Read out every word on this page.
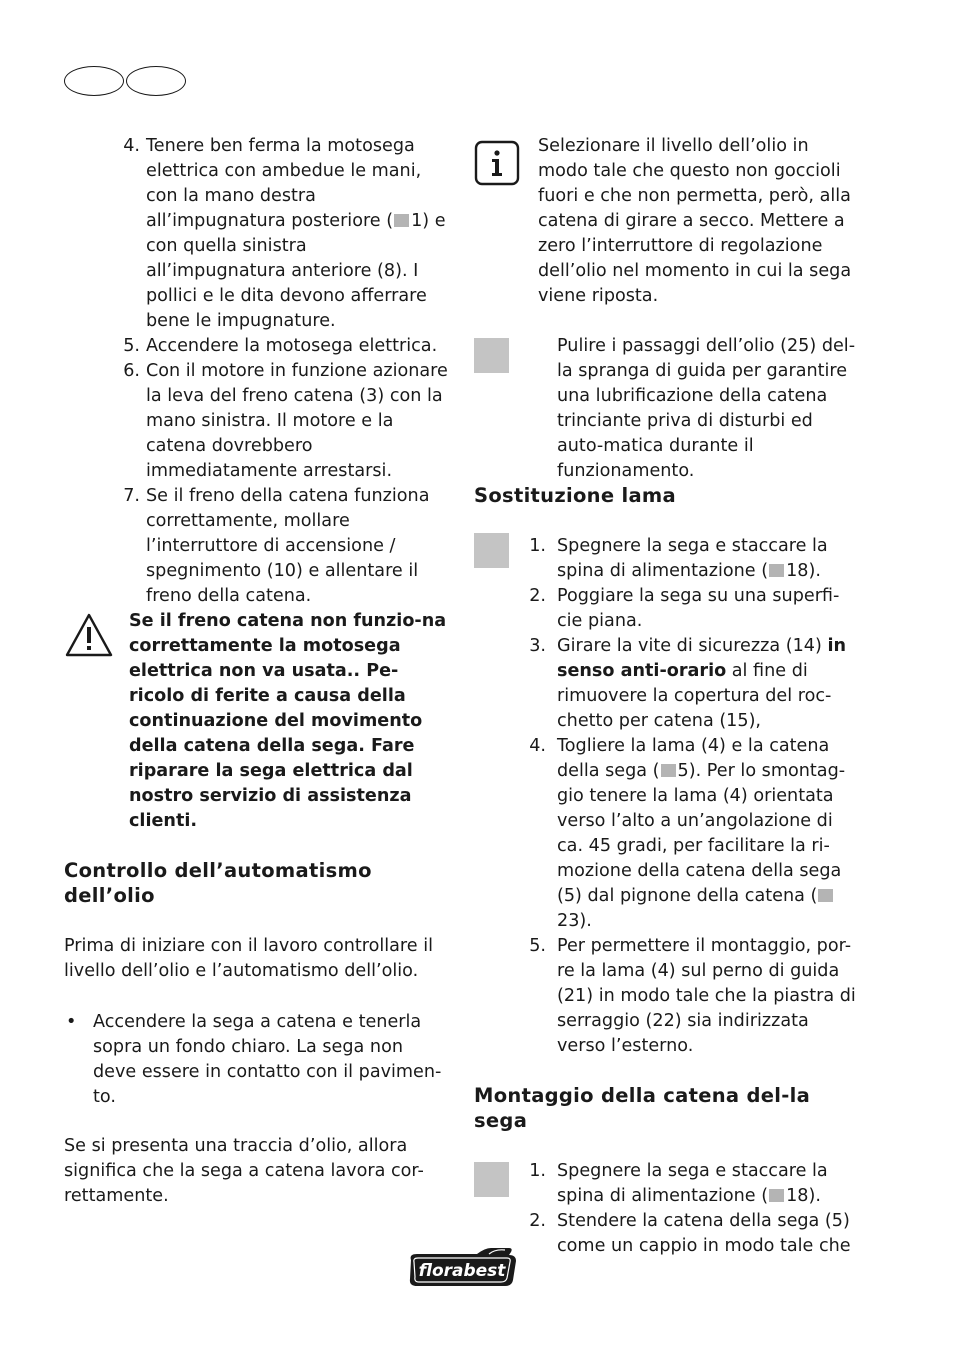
4. Tenere ben ferma la motosega elettrica con ambedue le mani, con la mano destra all’impugnatura posteriore ( 1) e con quella sinistra all’impugnatura anteriore (8). I pollici e le dita devono afferrare bene le impugnature.
5. Accendere la motosega elettrica.
6. Con il motore in funzione azionare la leva del freno catena (3) con la mano sinistra. Il motore e la catena dovrebbero immediatamente arrestarsi.
7. Se il freno della catena funziona correttamente, mollare l’interruttore di accensione / spegnimento (10) e allentare il freno della catena.
Se il freno catena non funzio-na correttamente la motosega elettrica non va usata.. Pe-ricolo di ferite a causa della continuazione del movimento della catena della sega. Fare riparare la sega elettrica dal nostro servizio di assistenza clienti.
Controllo dell’automatismo dell’olio
Prima di iniziare con il lavoro controllare il livello dell’olio e l’automatismo dell’olio.
• Accendere la sega a catena e tenerla sopra un fondo chiaro. La sega non deve essere in contatto con il pavimen-to.
Se si presenta una traccia d’olio, allora significa che la sega a catena lavora cor-rettamente.
Selezionare il livello dell’olio in modo tale che questo non goccioli fuori e che non permetta, però, alla catena di girare a secco. Mettere a zero l’interruttore di regolazione dell’olio nel momento in cui la sega viene riposta.
Pulire i passaggi dell’olio (25) del-la spranga di guida per garantire una lubrificazione della catena trinciante priva di disturbi ed auto-matica durante il funzionamento.
Sostituzione lama
1. Spegnere la sega e staccare la spina di alimentazione ( 18).
2. Poggiare la sega su una superfi-cie piana.
3. Girare la vite di sicurezza (14) in senso anti-orario al fine di rimuovere la copertura del roc-chetto per catena (15),
4. Togliere la lama (4) e la catena della sega ( 5). Per lo smontag-gio tenere la lama (4) orientata verso l’alto a un’angolazione di ca. 45 gradi, per facilitare la ri-mozione della catena della sega (5) dal pignone della catena (23).
5. Per permettere il montaggio, por-re la lama (4) sul perno di guida (21) in modo tale che la piastra di serraggio (22) sia indirizzata verso l’esterno.
Montaggio della catena del-la sega
1. Spegnere la sega e staccare la spina di alimentazione ( 18).
2. Stendere la catena della sega (5) come un cappio in modo tale che
florabest
